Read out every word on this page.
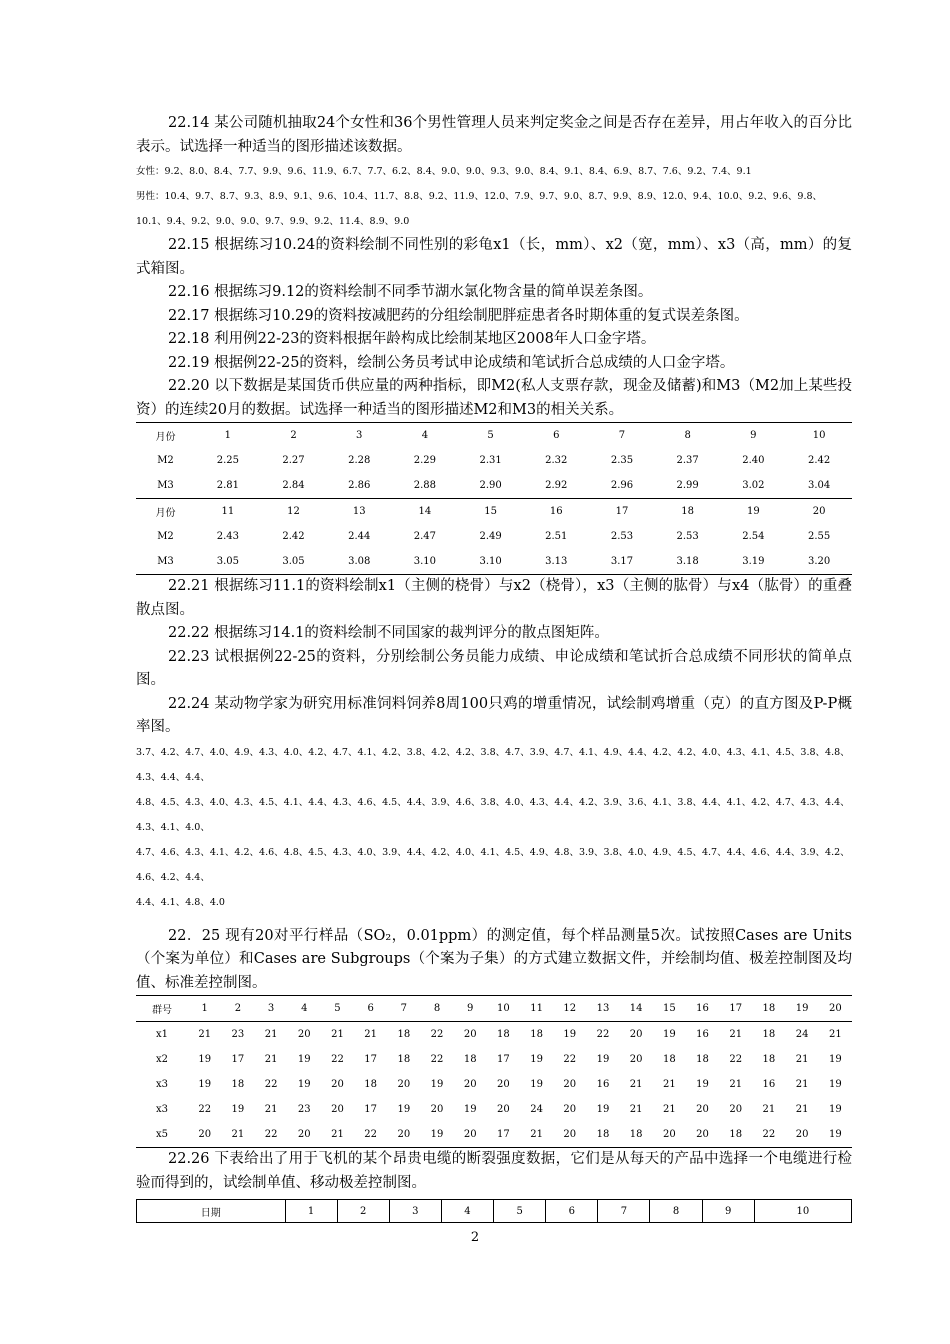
22.14 某公司随机抽取24个女性和36个男性管理人员来判定奖金之间是否存在差异，用占年收入的百分比表示。试选择一种适当的图形描述该数据。

女性：9.2、8.0、8.4、7.7、9.9、9.6、11.9、6.7、7.7、6.2、8.4、9.0、9.0、9.3、9.0、8.4、9.1、8.4、6.9、8.7、7.6、9.2、7.4、9.1

男性：10.4、9.7、8.7、9.3、8.9、9.1、9.6、10.4、11.7、8.8、9.2、11.9、12.0、7.9、9.7、9.0、8.7、9.9、8.9、12.0、9.4、10.0、9.2、9.6、9.8、10.1、9.4、9.2、9.0、9.0、9.7、9.9、9.2、11.4、8.9、9.0

22.15 根据练习10.24的资料绘制不同性别的彩龟x1（长，mm）、x2（宽，mm）、x3（高，mm）的复式箱图。

22.16 根据练习9.12的资料绘制不同季节湖水氯化物含量的简单误差条图。

22.17 根据练习10.29的资料按减肥药的分组绘制肥胖症患者各时期体重的复式误差条图。

22.18 利用例22-23的资料根据年龄构成比绘制某地区2008年人口金字塔。

22.19 根据例22-25的资料，绘制公务员考试申论成绩和笔试折合总成绩的人口金字塔。

22.20 以下数据是某国货币供应量的两种指标，即M2(私人支票存款，现金及储蓄)和M3（M2加上某些投资）的连续20月的数据。试选择一种适当的图形描述M2和M3的相关关系。

月份	1	2	3	4	5	6	7	8	9	10
M2	2.25	2.27	2.28	2.29	2.31	2.32	2.35	2.37	2.40	2.42
M3	2.81	2.84	2.86	2.88	2.90	2.92	2.96	2.99	3.02	3.04
月份	11	12	13	14	15	16	17	18	19	20
M2	2.43	2.42	2.44	2.47	2.49	2.51	2.53	2.53	2.54	2.55
M3	3.05	3.05	3.08	3.10	3.10	3.13	3.17	3.18	3.19	3.20

22.21 根据练习11.1的资料绘制x1（主侧的桡骨）与x2（桡骨），x3（主侧的肱骨）与x4（肱骨）的重叠散点图。

22.22 根据练习14.1的资料绘制不同国家的裁判评分的散点图矩阵。

22.23 试根据例22-25的资料，分别绘制公务员能力成绩、申论成绩和笔试折合总成绩不同形状的简单点图。

22.24 某动物学家为研究用标准饲料饲养8周100只鸡的增重情况，试绘制鸡增重（克）的直方图及P-P概率图。

3.7、4.2、4.7、4.0、4.9、4.3、4.0、4.2、4.7、4.1、4.2、3.8、4.2、4.2、3.8、4.7、3.9、4.7、4.1、4.9、4.4、4.2、4.2、4.0、4.3、4.1、4.5、3.8、4.8、4.3、4.4、4.4、

4.8、4.5、4.3、4.0、4.3、4.5、4.1、4.4、4.3、4.6、4.5、4.4、3.9、4.6、3.8、4.0、4.3、4.4、4.2、3.9、3.6、4.1、3.8、4.4、4.1、4.2、4.7、4.3、4.4、4.3、4.1、4.0、

4.7、4.6、4.3、4.1、4.2、4.6、4.8、4.5、4.3、4.0、3.9、4.4、4.2、4.0、4.1、4.5、4.9、4.8、3.9、3.8、4.0、4.9、4.5、4.7、4.4、4.6、4.4、3.9、4.2、4.6、4.2、4.4、

4.4、4.1、4.8、4.0

22．25 现有20对平行样品（SO₂，0.01ppm）的测定值，每个样品测量5次。试按照Cases are Units（个案为单位）和Cases are Subgroups（个案为子集）的方式建立数据文件，并绘制均值、极差控制图及均值、标准差控制图。

群号	1	2	3	4	5	6	7	8	9	10	11	12	13	14	15	16	17	18	19	20
x1	21	23	21	20	21	21	18	22	20	18	18	19	22	20	19	16	21	18	24	21
x2	19	17	21	19	22	17	18	22	18	17	19	22	19	20	18	18	22	18	21	19
x3	19	18	22	19	20	18	20	19	20	20	19	20	16	21	21	19	21	16	21	19
x3	22	19	21	23	20	17	19	20	19	20	24	20	19	21	21	20	20	21	21	19
x5	20	21	22	20	21	22	20	19	20	17	21	20	18	18	20	20	18	22	20	19

22.26 下表给出了用于飞机的某个昂贵电缆的断裂强度数据，它们是从每天的产品中选择一个电缆进行检验而得到的，试绘制单值、移动极差控制图。

日期	1	2	3	4	5	6	7	8	9	10
2
